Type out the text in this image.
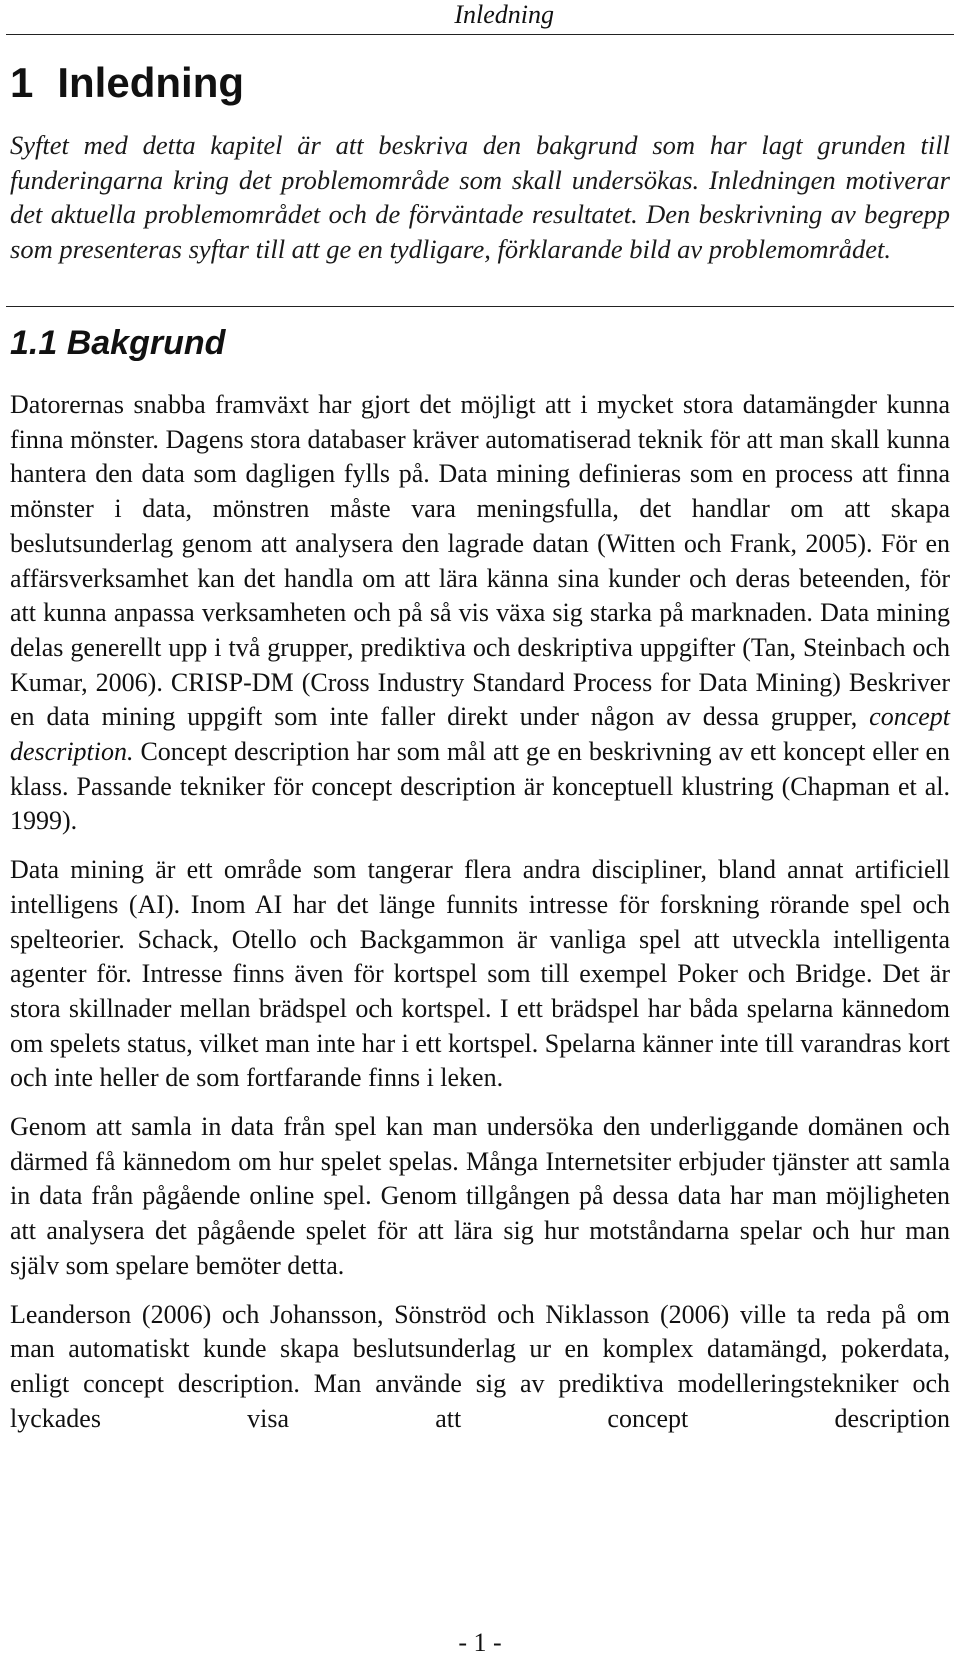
Inledning
1 Inledning
Syftet med detta kapitel är att beskriva den bakgrund som har lagt grunden till funderingarna kring det problemområde som skall undersökas. Inledningen motiverar det aktuella problemområdet och de förväntade resultatet. Den beskrivning av begrepp som presenteras syftar till att ge en tydligare, förklarande bild av problemområdet.
1.1 Bakgrund

Datorernas snabba framväxt har gjort det möjligt att i mycket stora datamängder kunna finna mönster. Dagens stora databaser kräver automatiserad teknik för att man skall kunna hantera den data som dagligen fylls på. Data mining definieras som en process att finna mönster i data, mönstren måste vara meningsfulla, det handlar om att skapa beslutsunderlag genom att analysera den lagrade datan (Witten och Frank, 2005). För en affärsverksamhet kan det handla om att lära känna sina kunder och deras beteenden, för att kunna anpassa verksamheten och på så vis växa sig starka på marknaden. Data mining delas generellt upp i två grupper, prediktiva och deskriptiva uppgifter (Tan, Steinbach och Kumar, 2006). CRISP-DM (Cross Industry Standard Process for Data Mining) Beskriver en data mining uppgift som inte faller direkt under någon av dessa grupper, concept description. Concept description har som mål att ge en beskrivning av ett koncept eller en klass. Passande tekniker för concept description är konceptuell klustring (Chapman et al. 1999).

Data mining är ett område som tangerar flera andra discipliner, bland annat artificiell intelligens (AI). Inom AI har det länge funnits intresse för forskning rörande spel och spelteorier. Schack, Otello och Backgammon är vanliga spel att utveckla intelligenta agenter för. Intresse finns även för kortspel som till exempel Poker och Bridge. Det är stora skillnader mellan brädspel och kortspel. I ett brädspel har båda spelarna kännedom om spelets status, vilket man inte har i ett kortspel. Spelarna känner inte till varandras kort och inte heller de som fortfarande finns i leken.

Genom att samla in data från spel kan man undersöka den underliggande domänen och därmed få kännedom om hur spelet spelas. Många Internetsiter erbjuder tjänster att samla in data från pågående online spel. Genom tillgången på dessa data har man möjligheten att analysera det pågående spelet för att lära sig hur motståndarna spelar och hur man själv som spelare bemöter detta.

Leanderson (2006) och Johansson, Sönströd och Niklasson (2006) ville ta reda på om man automatiskt kunde skapa beslutsunderlag ur en komplex datamängd, pokerdata, enligt concept description. Man använde sig av prediktiva modelleringstekniker och lyckades visa att concept description

- 1 -
